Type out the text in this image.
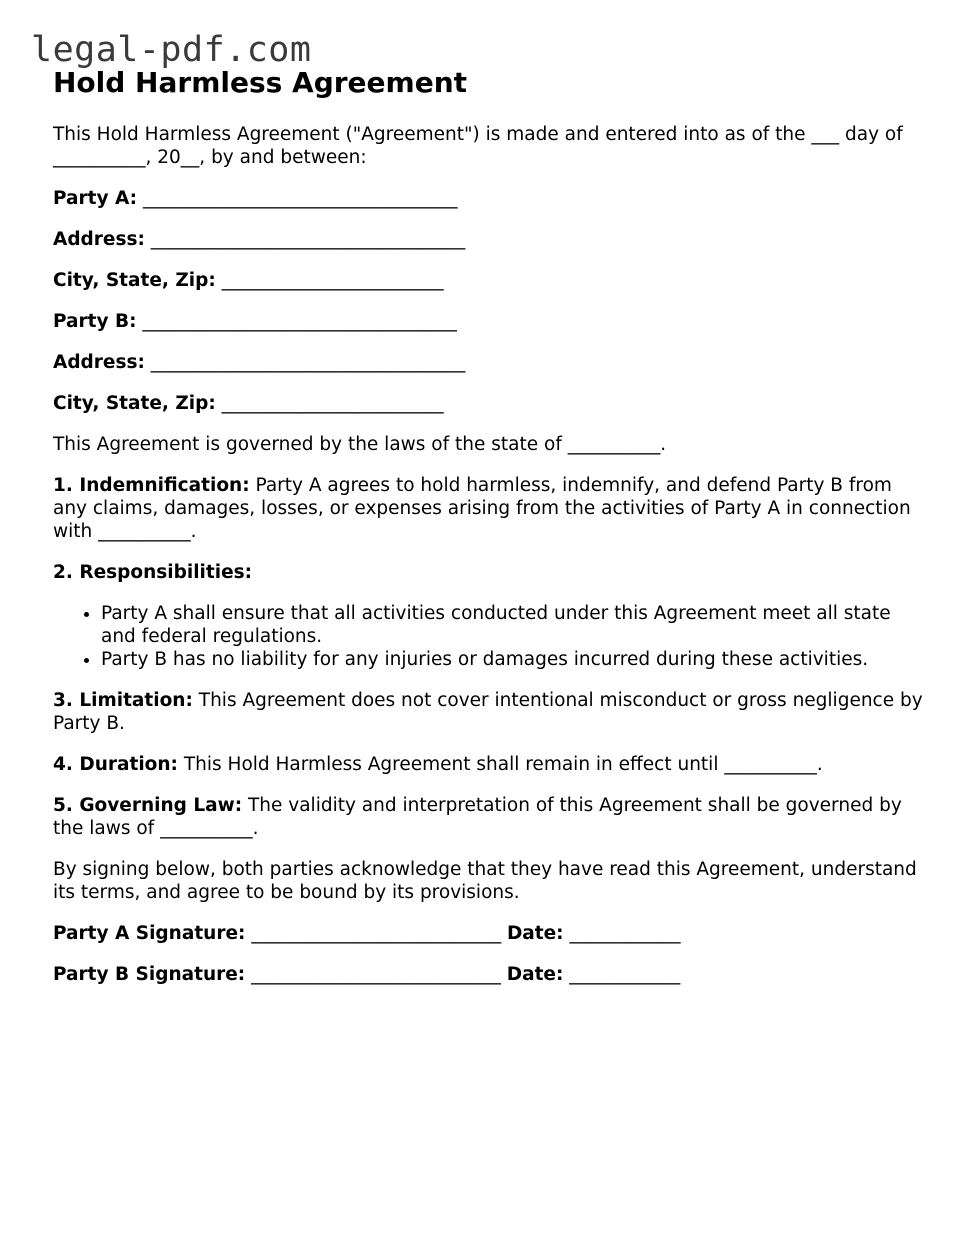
legal-pdf.com
Hold Harmless Agreement

This Hold Harmless Agreement ("Agreement") is made and entered into as of the ___ day of __________, 20__, by and between:

Party A: __________________________________

Address: __________________________________

City, State, Zip: ________________________

Party B: __________________________________

Address: __________________________________

City, State, Zip: ________________________

This Agreement is governed by the laws of the state of __________.

1. Indemnification: Party A agrees to hold harmless, indemnify, and defend Party B from any claims, damages, losses, or expenses arising from the activities of Party A in connection with __________.

2. Responsibilities:

• Party A shall ensure that all activities conducted under this Agreement meet all state and federal regulations.
• Party B has no liability for any injuries or damages incurred during these activities.

3. Limitation: This Agreement does not cover intentional misconduct or gross negligence by Party B.

4. Duration: This Hold Harmless Agreement shall remain in effect until __________.

5. Governing Law: The validity and interpretation of this Agreement shall be governed by the laws of __________.

By signing below, both parties acknowledge that they have read this Agreement, understand its terms, and agree to be bound by its provisions.

Party A Signature: ___________________________ Date: ____________

Party B Signature: ___________________________ Date: ____________
